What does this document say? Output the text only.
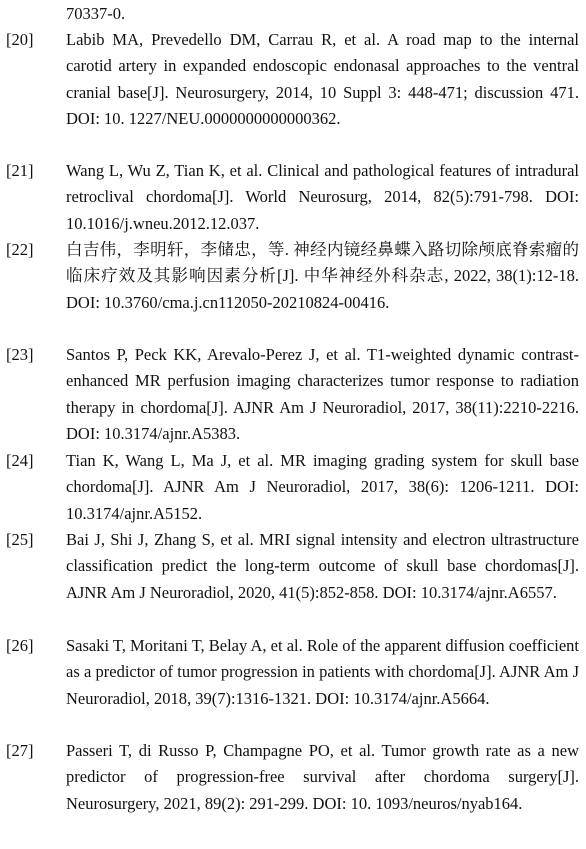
70337-0.

[20]	Labib MA, Prevedello DM, Carrau R, et al. A road map to the internal carotid artery in expanded endoscopic endonasal approaches to the ventral cranial base[J]. Neurosurgery, 2014, 10 Suppl 3: 448-471; discussion 471. DOI: 10. 1227/NEU.0000000000000362.

[21]	Wang L, Wu Z, Tian K, et al. Clinical and pathological features of intradural retroclival chordoma[J]. World Neurosurg, 2014, 82(5):791-798. DOI: 10.1016/j.wneu.2012.12.037.

[22]	白吉伟，李明轩，李储忠，等. 神经内镜经鼻蝶入路切除颅底脊索瘤的临床疗效及其影响因素分析[J]. 中华神经外科杂志, 2022, 38(1):12-18. DOI: 10.3760/cma.j.cn112050-20210824-00416.

[23]	Santos P, Peck KK, Arevalo-Perez J, et al. T1-weighted dynamic contrast-enhanced MR perfusion imaging characterizes tumor response to radiation therapy in chordoma[J]. AJNR Am J Neuroradiol, 2017, 38(11):2210-2216. DOI: 10.3174/ajnr.A5383.

[24]	Tian K, Wang L, Ma J, et al. MR imaging grading system for skull base chordoma[J]. AJNR Am J Neuroradiol, 2017, 38(6): 1206-1211. DOI: 10.3174/ajnr.A5152.

[25]	Bai J, Shi J, Zhang S, et al. MRI signal intensity and electron ultrastructure classification predict the long-term outcome of skull base chordomas[J]. AJNR Am J Neuroradiol, 2020, 41(5):852-858. DOI: 10.3174/ajnr.A6557.

[26]	Sasaki T, Moritani T, Belay A, et al. Role of the apparent diffusion coefficient as a predictor of tumor progression in patients with chordoma[J]. AJNR Am J Neuroradiol, 2018, 39(7):1316-1321. DOI: 10.3174/ajnr.A5664.

[27]	Passeri T, di Russo P, Champagne PO, et al. Tumor growth rate as a new predictor of progression-free survival after chordoma surgery[J]. Neurosurgery, 2021, 89(2): 291-299. DOI: 10. 1093/neuros/nyab164.
